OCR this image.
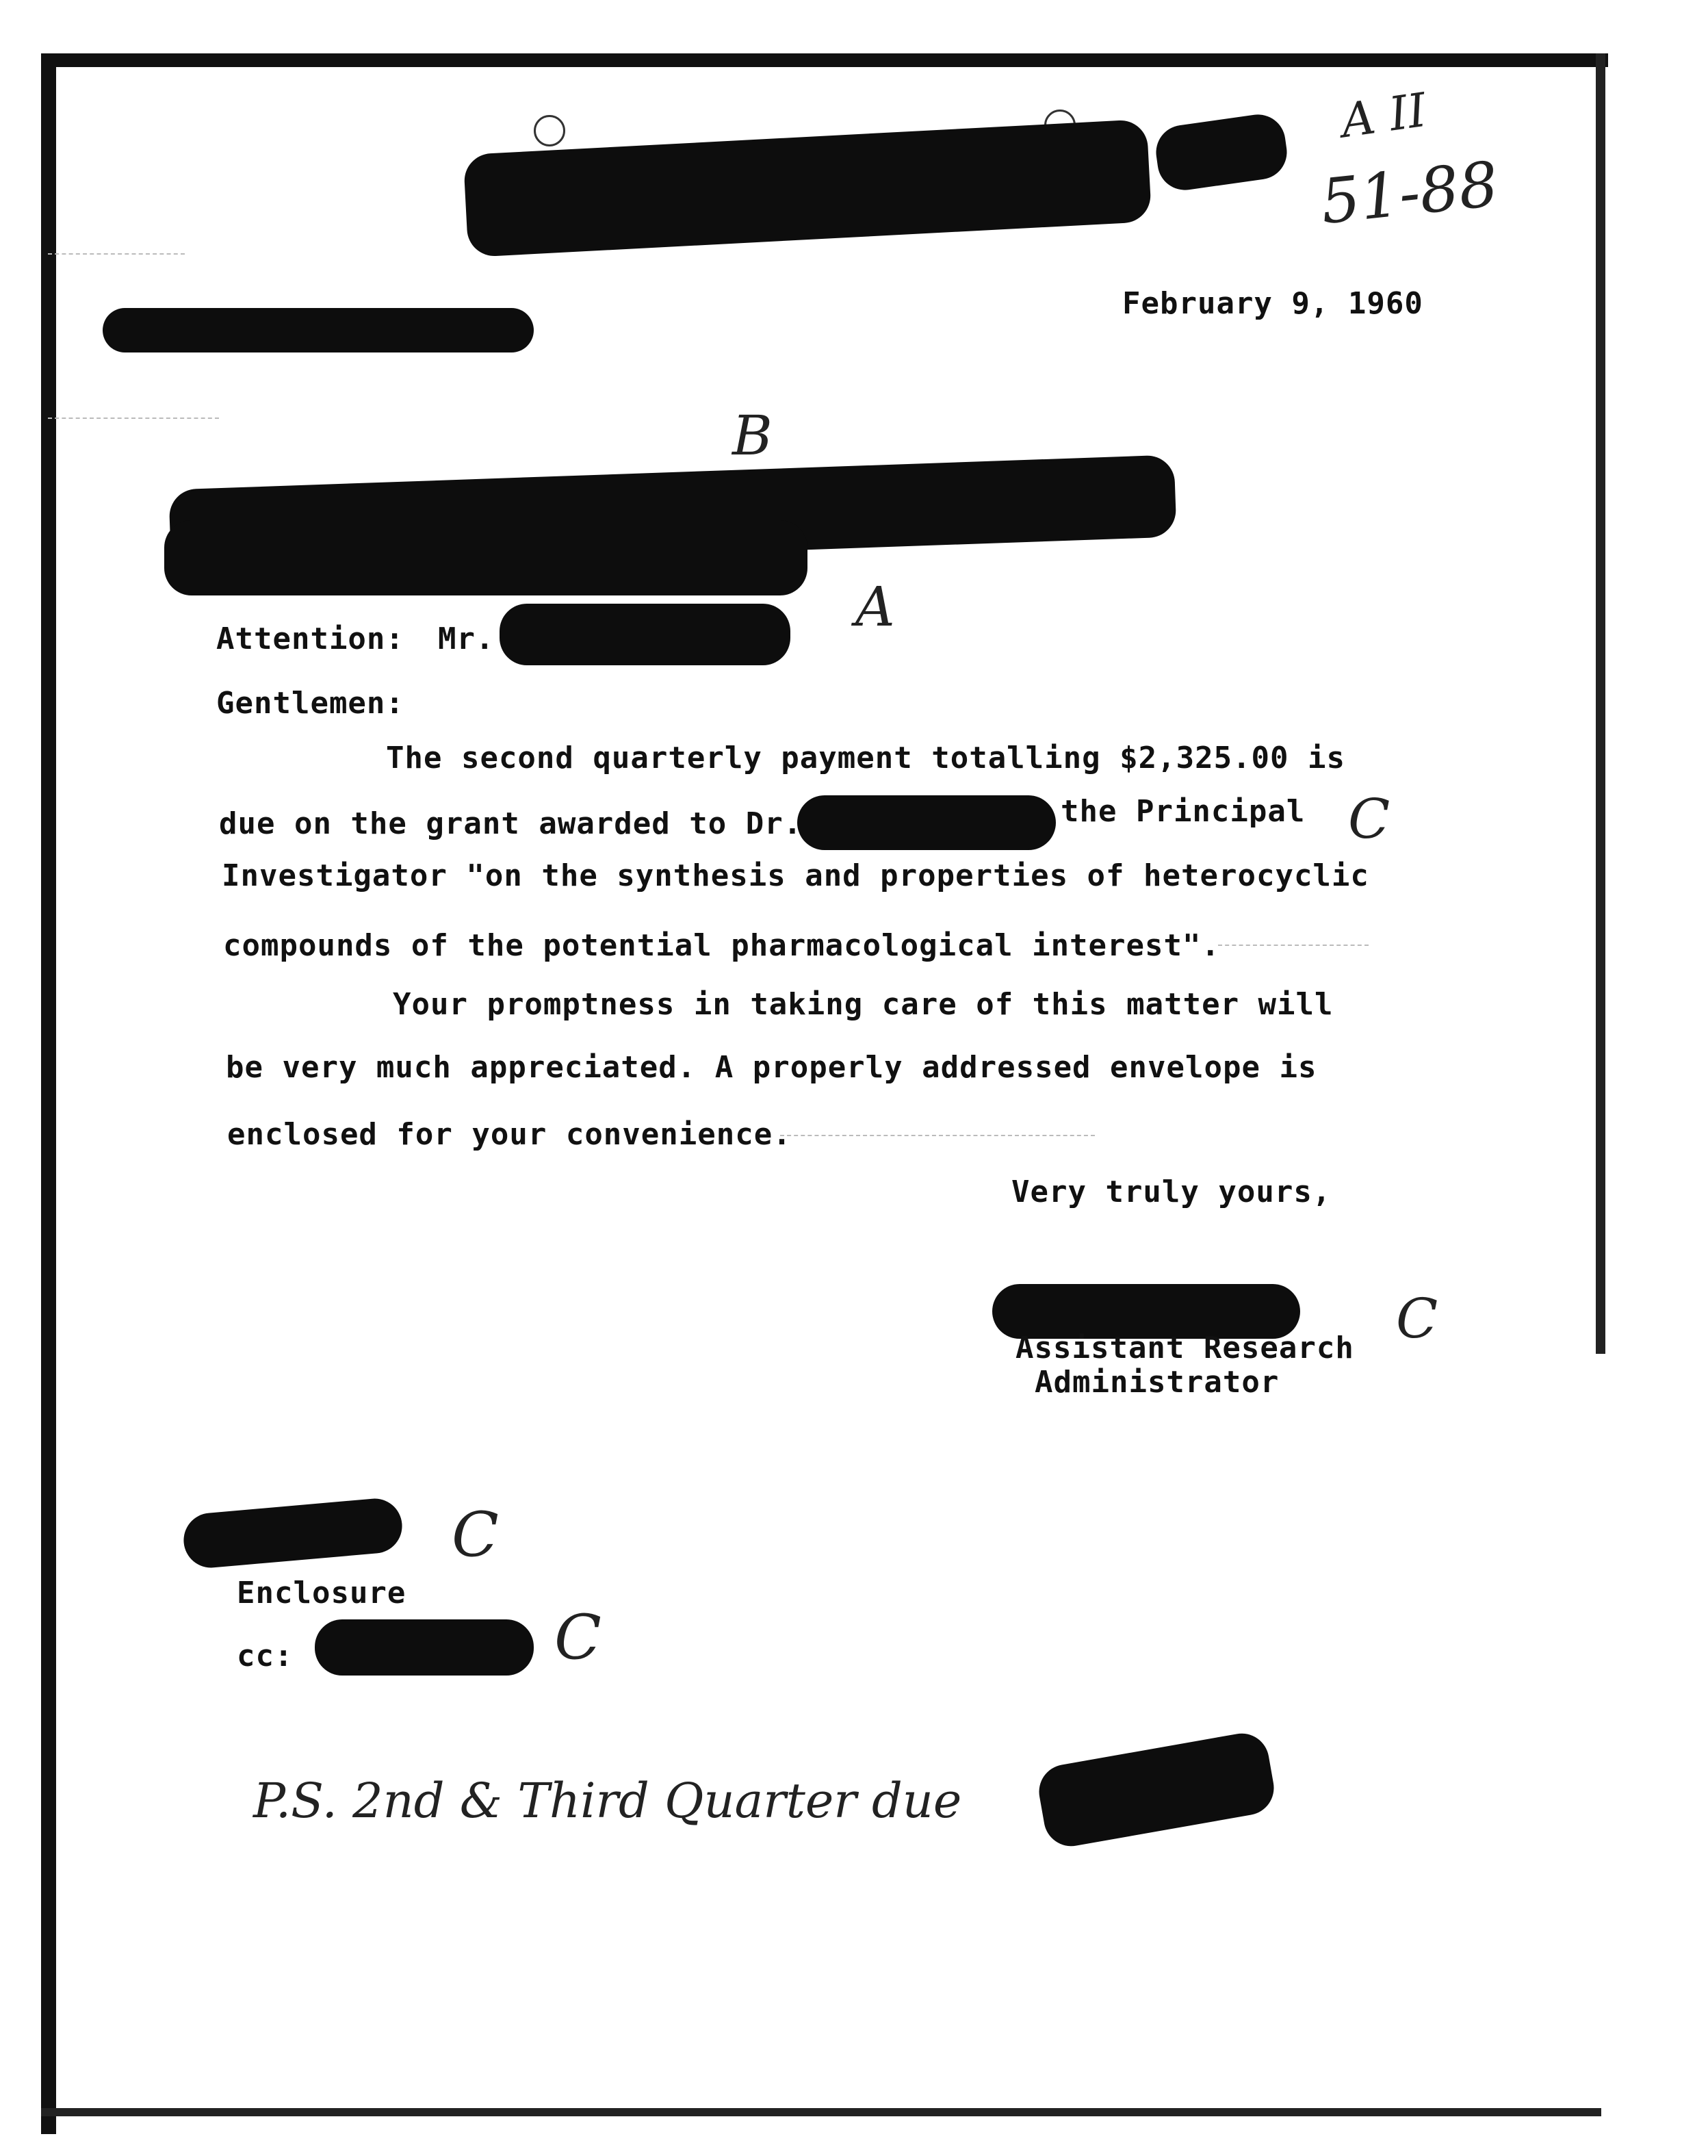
February 9, 1960
Attention: Mr.
Gentlemen:
The second quarterly payment totalling $2,325.00 is
due on the grant awarded to Dr.	the Principal
Investigator "on the synthesis and properties of heterocyclic
compounds of the potential pharmacological interest".
Your promptness in taking care of this matter will
be very much appreciated. A properly addressed envelope is
enclosed for your convenience.
Very truly yours,
Assistant Research
Administrator
Enclosure
cc:
A II
51-88
B
A
C
C
C
C
P.S. 2nd & Third Quarter due
